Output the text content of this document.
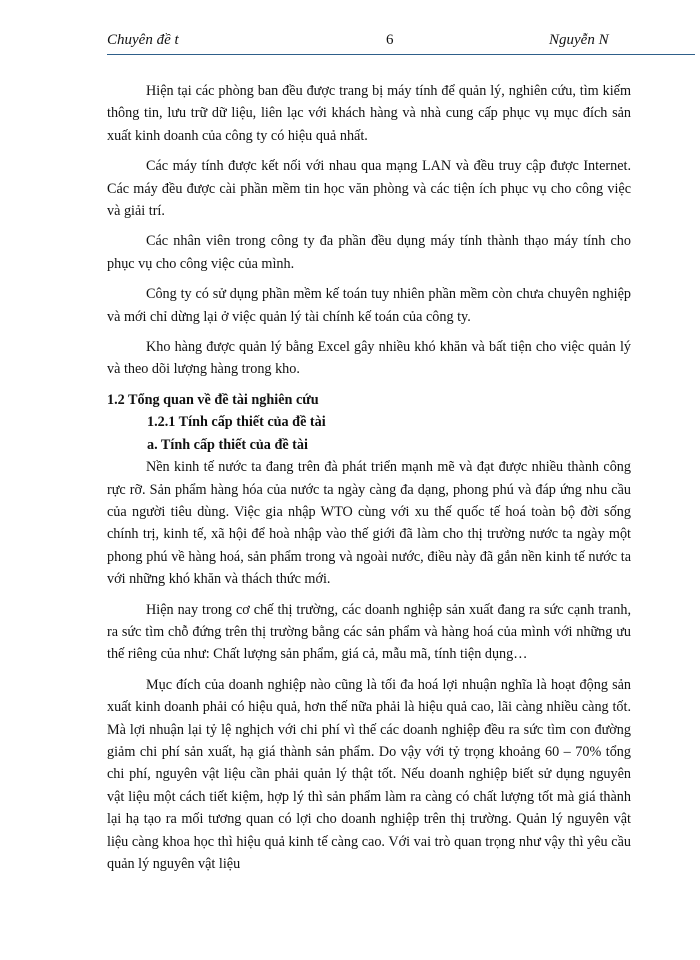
Chuyên đề t	6	Nguyễn N

Hiện tại các phòng ban đều được trang bị máy tính để quản lý, nghiên cứu, tìm kiếm thông tin, lưu trữ dữ liệu, liên lạc với khách hàng và nhà cung cấp phục vụ mục đích sản xuất kinh doanh của công ty có hiệu quả nhất.

Các máy tính được kết nối với nhau qua mạng LAN và đều truy cập được Internet. Các máy đều được cài phần mềm tin học văn phòng và các tiện ích phục vụ cho công việc và giải trí.

Các nhân viên trong công ty đa phần đều dụng máy tính thành thạo máy tính cho phục vụ cho công việc của mình.

Công ty có sử dụng phần mềm kế toán tuy nhiên phần mềm còn chưa chuyên nghiệp và mới chỉ dừng lại ở việc quản lý tài chính kế toán của công ty.

Kho hàng được quản lý bằng Excel gây nhiều khó khăn và bất tiện cho việc quản lý và theo dõi lượng hàng trong kho.

1.2 Tổng quan về đề tài nghiên cứu

1.2.1 Tính cấp thiết của đề tài

a. Tính cấp thiết của đề tài

Nền kinh tế nước ta đang trên đà phát triển mạnh mẽ và đạt được nhiều thành công rực rỡ. Sản phẩm hàng hóa của nước ta ngày càng đa dạng, phong phú và đáp ứng nhu cầu của người tiêu dùng. Việc gia nhập WTO cùng với xu thế quốc tế hoá toàn bộ đời sống chính trị, kinh tế, xã hội để hoà nhập vào thế giới đã làm cho thị trường nước ta ngày một phong phú về hàng hoá, sản phẩm trong và ngoài nước, điều này đã gắn nền kinh tế nước ta với những khó khăn và thách thức mới.

Hiện nay trong cơ chế thị trường, các doanh nghiệp sản xuất đang ra sức cạnh tranh, ra sức tìm chỗ đứng trên thị trường bằng các sản phẩm và hàng hoá của mình với những ưu thế riêng của như: Chất lượng sản phẩm, giá cả, mẫu mã, tính tiện dụng…

Mục đích của doanh nghiệp nào cũng là tối đa hoá lợi nhuận nghĩa là hoạt động sản xuất kinh doanh phải có hiệu quả, hơn thế nữa phải là hiệu quả cao, lãi càng nhiều càng tốt. Mà lợi nhuận lại tỷ lệ nghịch với chi phí vì thế các doanh nghiệp đều ra sức tìm con đường giảm chi phí sản xuất, hạ giá thành sản phẩm. Do vậy với tỷ trọng khoảng 60 – 70% tổng chi phí, nguyên vật liệu cần phải quản lý thật tốt. Nếu doanh nghiệp biết sử dụng nguyên vật liệu một cách tiết kiệm, hợp lý thì sản phẩm làm ra càng có chất lượng tốt mà giá thành lại hạ tạo ra mối tương quan có lợi cho doanh nghiệp trên thị trường. Quản lý nguyên vật liệu càng khoa học thì hiệu quả kinh tế càng cao. Với vai trò quan trọng như vậy thì yêu cầu quản lý nguyên vật liệu
